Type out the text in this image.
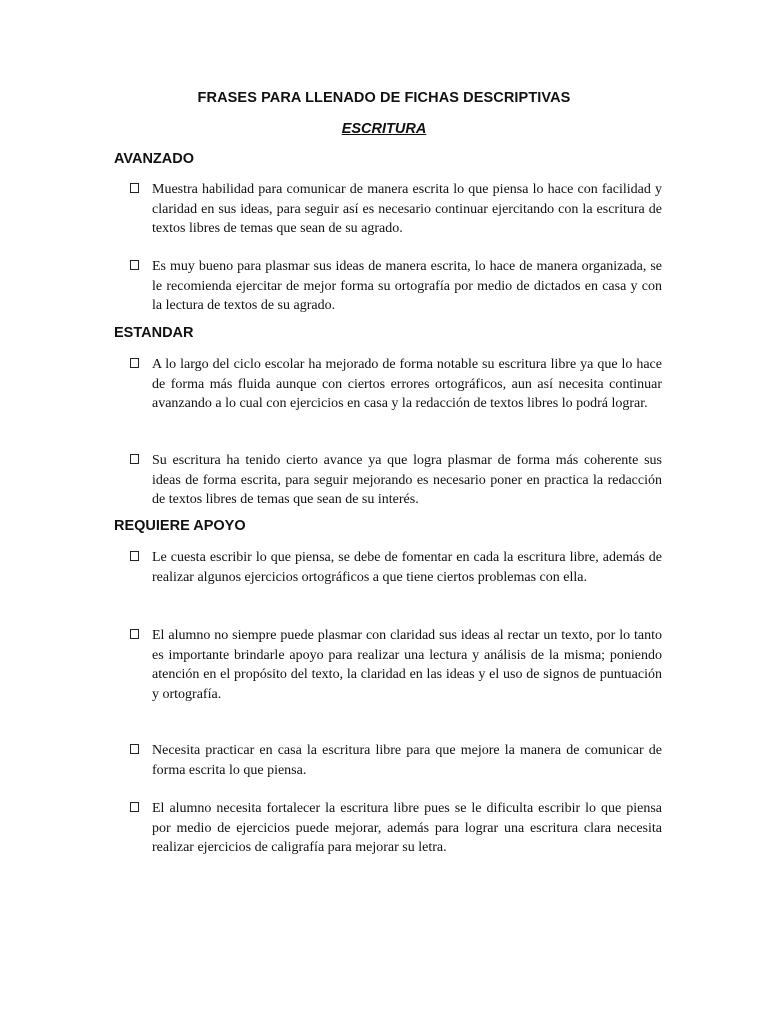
FRASES PARA LLENADO DE FICHAS DESCRIPTIVAS
ESCRITURA
AVANZADO
Muestra habilidad para comunicar de manera escrita lo que piensa lo hace con facilidad y claridad en sus ideas, para seguir así es necesario continuar ejercitando con la escritura de textos libres de temas que sean de su agrado.
Es muy bueno para plasmar sus ideas de manera escrita, lo hace de manera organizada, se le recomienda ejercitar de mejor forma su ortografía por medio de dictados en casa y con la lectura de textos de su agrado.
ESTANDAR
A lo largo del ciclo escolar ha mejorado de forma notable su escritura libre ya que lo hace de forma más fluida aunque con ciertos errores ortográficos, aun así necesita continuar avanzando a lo cual con ejercicios en casa y la redacción de textos libres lo podrá lograr.
Su escritura ha tenido cierto avance ya que logra plasmar de forma más coherente sus ideas de forma escrita, para seguir mejorando es necesario poner en practica la redacción de textos libres de temas que sean de su interés.
REQUIERE APOYO
Le cuesta escribir lo que piensa, se debe de fomentar en cada la escritura libre, además de realizar algunos ejercicios ortográficos a que tiene ciertos problemas con ella.
El alumno no siempre puede plasmar con claridad sus ideas al rectar un texto, por lo tanto es importante brindarle apoyo para realizar una lectura y análisis de la misma; poniendo atención en el propósito del texto, la claridad en las ideas y el uso de signos de puntuación y ortografía.
Necesita practicar en casa la escritura libre para que mejore la manera de comunicar de forma escrita lo que piensa.
El alumno necesita fortalecer la escritura libre pues se le dificulta escribir lo que piensa por medio de ejercicios puede mejorar, además para lograr una escritura clara necesita realizar ejercicios de caligrafía para mejorar su letra.
